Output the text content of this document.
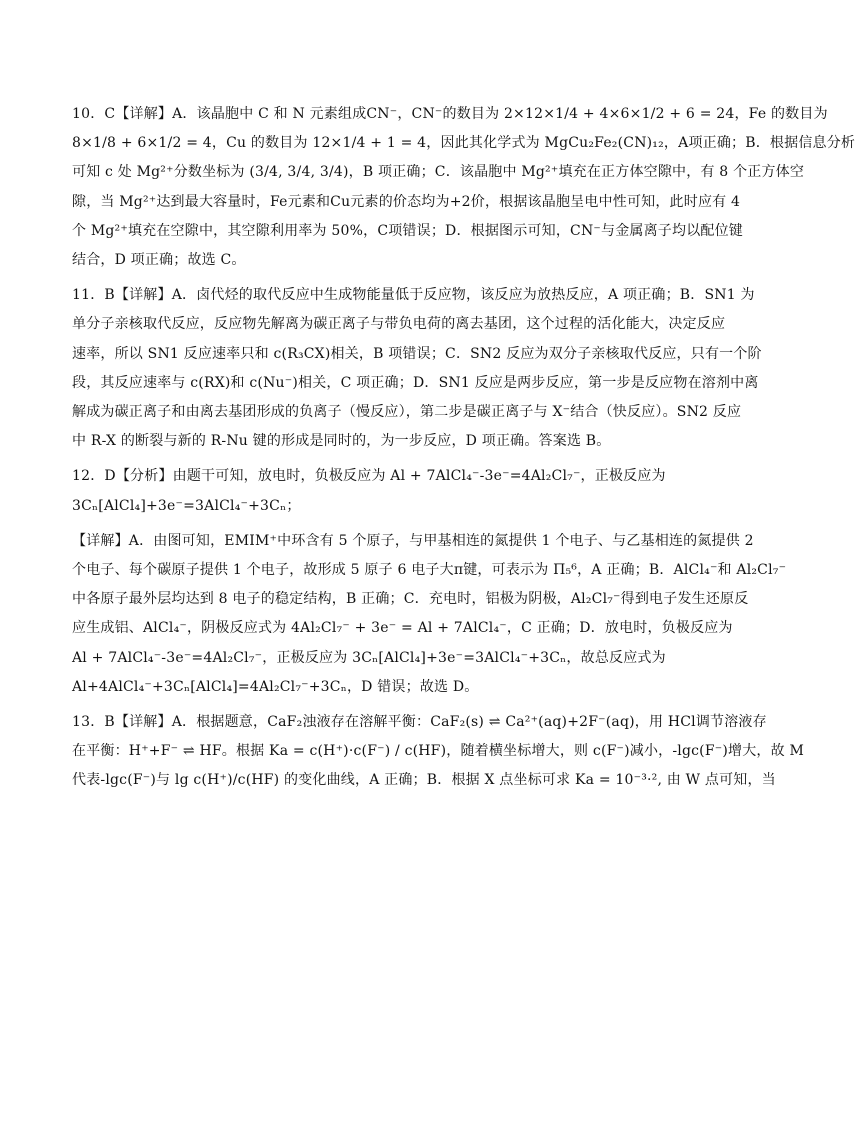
10．C【详解】A．该晶胞中 C 和 N 元素组成CN⁻，CN⁻的数目为 2×12×1/4 + 4×6×1/2 + 6 = 24，Fe 的数目为
8×1/8 + 6×1/2 = 4，Cu 的数目为 12×1/4 + 1 = 4，因此其化学式为 MgCu₂Fe₂(CN)₁₂，A项正确；B．根据信息分析
可知 c 处 Mg²⁺分数坐标为 (3/4, 3/4, 3/4)，B 项正确；C．该晶胞中 Mg²⁺填充在正方体空隙中，有 8 个正方体空
隙，当 Mg²⁺达到最大容量时，Fe元素和Cu元素的价态均为+2价，根据该晶胞呈电中性可知，此时应有 4
个 Mg²⁺填充在空隙中，其空隙利用率为 50%，C项错误；D．根据图示可知，CN⁻与金属离子均以配位键
结合，D 项正确；故选 C。
11．B【详解】A．卤代烃的取代反应中生成物能量低于反应物，该反应为放热反应，A 项正确；B．SN1 为
单分子亲核取代反应，反应物先解离为碳正离子与带负电荷的离去基团，这个过程的活化能大，决定反应
速率，所以 SN1 反应速率只和 c(R₃CX)相关，B 项错误；C．SN2 反应为双分子亲核取代反应，只有一个阶
段，其反应速率与 c(RX)和 c(Nu⁻)相关，C 项正确；D．SN1 反应是两步反应，第一步是反应物在溶剂中离
解成为碳正离子和由离去基团形成的负离子（慢反应），第二步是碳正离子与 X⁻结合（快反应）。SN2 反应
中 R-X 的断裂与新的 R-Nu 键的形成是同时的，为一步反应，D 项正确。答案选 B。
12．D【分析】由题干可知，放电时，负极反应为 Al + 7AlCl₄⁻-3e⁻=4Al₂Cl₇⁻，正极反应为
3Cₙ[AlCl₄]+3e⁻=3AlCl₄⁻+3Cₙ；
【详解】A．由图可知，EMIM⁺中环含有 5 个原子，与甲基相连的氮提供 1 个电子、与乙基相连的氮提供 2
个电子、每个碳原子提供 1 个电子，故形成 5 原子 6 电子大π键，可表示为 Π₅⁶，A 正确；B．AlCl₄⁻和 Al₂Cl₇⁻
中各原子最外层均达到 8 电子的稳定结构，B 正确；C．充电时，铝极为阴极，Al₂Cl₇⁻得到电子发生还原反
应生成铝、AlCl₄⁻，阴极反应式为 4Al₂Cl₇⁻ + 3e⁻ = Al + 7AlCl₄⁻，C 正确；D．放电时，负极反应为
Al + 7AlCl₄⁻-3e⁻=4Al₂Cl₇⁻，正极反应为 3Cₙ[AlCl₄]+3e⁻=3AlCl₄⁻+3Cₙ，故总反应式为
Al+4AlCl₄⁻+3Cₙ[AlCl₄]=4Al₂Cl₇⁻+3Cₙ，D 错误；故选 D。
13．B【详解】A．根据题意，CaF₂浊液存在溶解平衡：CaF₂(s) ⇌ Ca²⁺(aq)+2F⁻(aq)，用 HCl调节溶液存
在平衡：H⁺+F⁻ ⇌ HF。根据 Ka = c(H⁺)·c(F⁻) / c(HF)，随着横坐标增大，则 c(F⁻)减小，-lgc(F⁻)增大，故 M
代表-lgc(F⁻)与 lg c(H⁺)/c(HF) 的变化曲线，A 正确；B．根据 X 点坐标可求 Ka = 10⁻³·², 由 W 点可知，当
